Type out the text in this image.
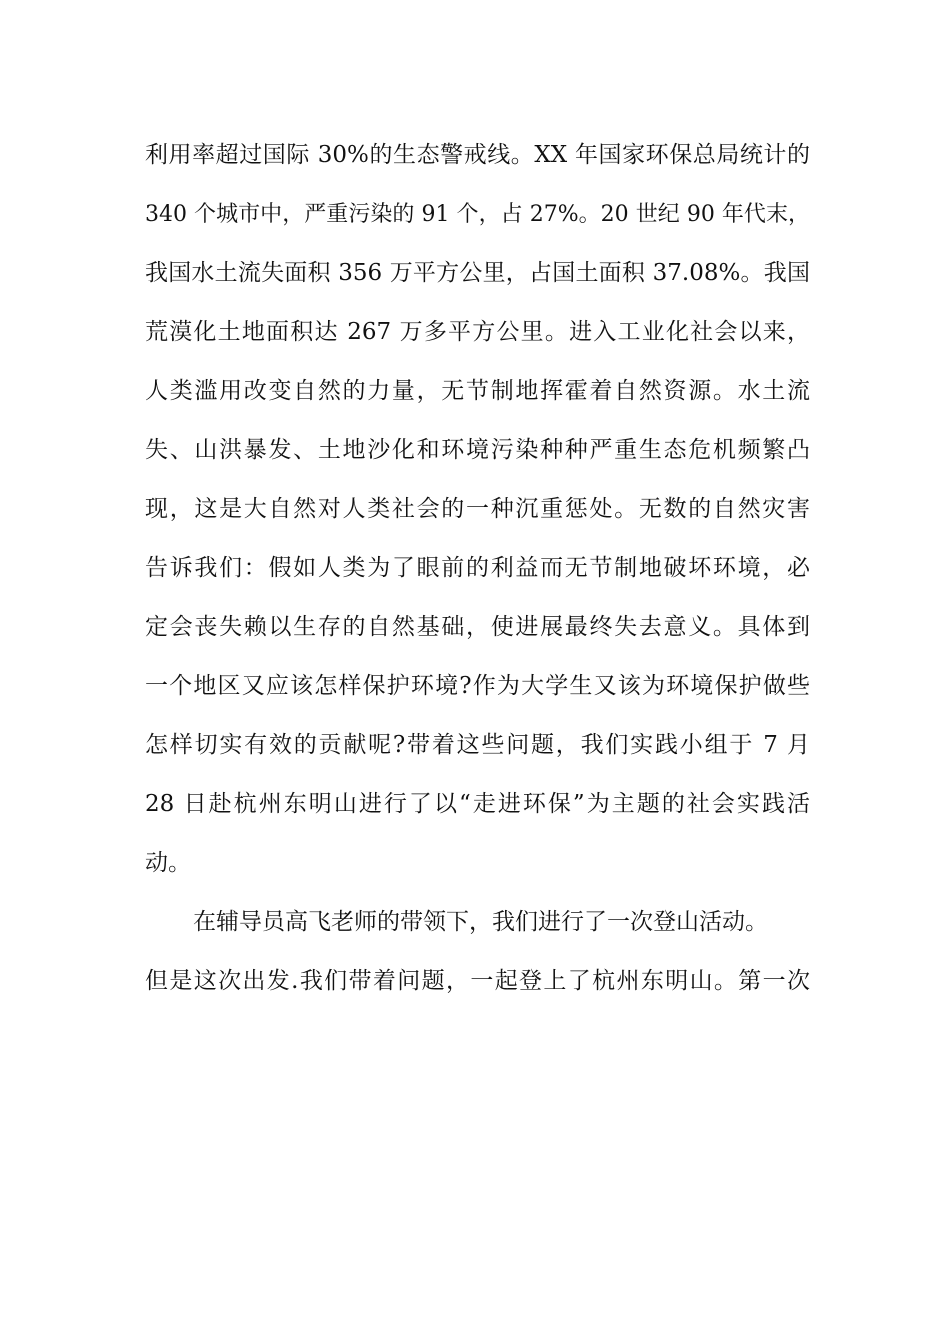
利用率超过国际 30%的生态警戒线。XX 年国家环保总局统计的
340 个城市中，严重污染的 91 个，占 27%。20 世纪 90 年代末，
我国水土流失面积 356 万平方公里，占国土面积 37.08%。我国
荒漠化土地面积达 267 万多平方公里。进入工业化社会以来，
人类滥用改变自然的力量，无节制地挥霍着自然资源。水土流
失、山洪暴发、土地沙化和环境污染种种严重生态危机频繁凸
现，这是大自然对人类社会的一种沉重惩处。无数的自然灾害
告诉我们：假如人类为了眼前的利益而无节制地破坏环境，必
定会丧失赖以生存的自然基础，使进展最终失去意义。具体到
一个地区又应该怎样保护环境?作为大学生又该为环境保护做些
怎样切实有效的贡献呢?带着这些问题，我们实践小组于 7 月
28 日赴杭州东明山进行了以“走进环保”为主题的社会实践活
动。
在辅导员高飞老师的带领下，我们进行了一次登山活动。
但是这次出发.我们带着问题，一起登上了杭州东明山。第一次
